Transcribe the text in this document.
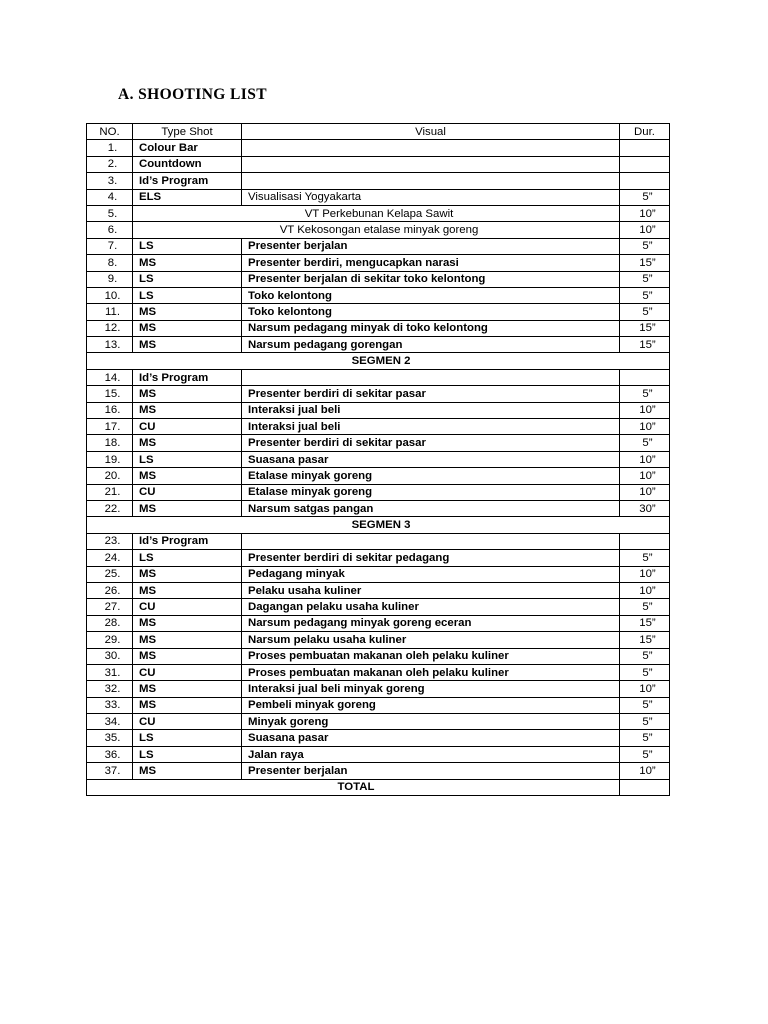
A. SHOOTING LIST
NO.	Type Shot	Visual	Dur.
1.	Colour Bar		
2.	Countdown		
3.	Id’s Program		
4.	ELS	Visualisasi Yogyakarta	5”
5.	VT Perkebunan Kelapa Sawit		10”
6.	VT Kekosongan etalase minyak goreng		10”
7.	LS	Presenter berjalan	5”
8.	MS	Presenter berdiri, mengucapkan narasi	15”
9.	LS	Presenter berjalan di sekitar toko kelontong	5”
10.	LS	Toko kelontong	5”
11.	MS	Toko kelontong	5”
12.	MS	Narsum pedagang minyak di toko kelontong	15”
13.	MS	Narsum pedagang gorengan	15”
SEGMEN 2			
14.	Id’s Program		
15.	MS	Presenter berdiri di sekitar pasar	5”
16.	MS	Interaksi jual beli	10”
17.	CU	Interaksi jual beli	10”
18.	MS	Presenter berdiri di sekitar pasar	5”
19.	LS	Suasana pasar	10”
20.	MS	Etalase minyak goreng	10”
21.	CU	Etalase minyak goreng	10”
22.	MS	Narsum satgas pangan	30”
SEGMEN 3			
23.	Id’s Program		
24.	LS	Presenter berdiri di sekitar pedagang	5”
25.	MS	Pedagang minyak	10”
26.	MS	Pelaku usaha kuliner	10”
27.	CU	Dagangan pelaku usaha kuliner	5”
28.	MS	Narsum pedagang minyak goreng eceran	15”
29.	MS	Narsum pelaku usaha kuliner	15”
30.	MS	Proses pembuatan makanan oleh pelaku kuliner	5”
31.	CU	Proses pembuatan makanan oleh pelaku kuliner	5”
32.	MS	Interaksi jual beli minyak goreng	10”
33.	MS	Pembeli minyak goreng	5”
34.	CU	Minyak goreng	5”
35.	LS	Suasana pasar	5”
36.	LS	Jalan raya	5”
37.	MS	Presenter berjalan	10”
TOTAL			
